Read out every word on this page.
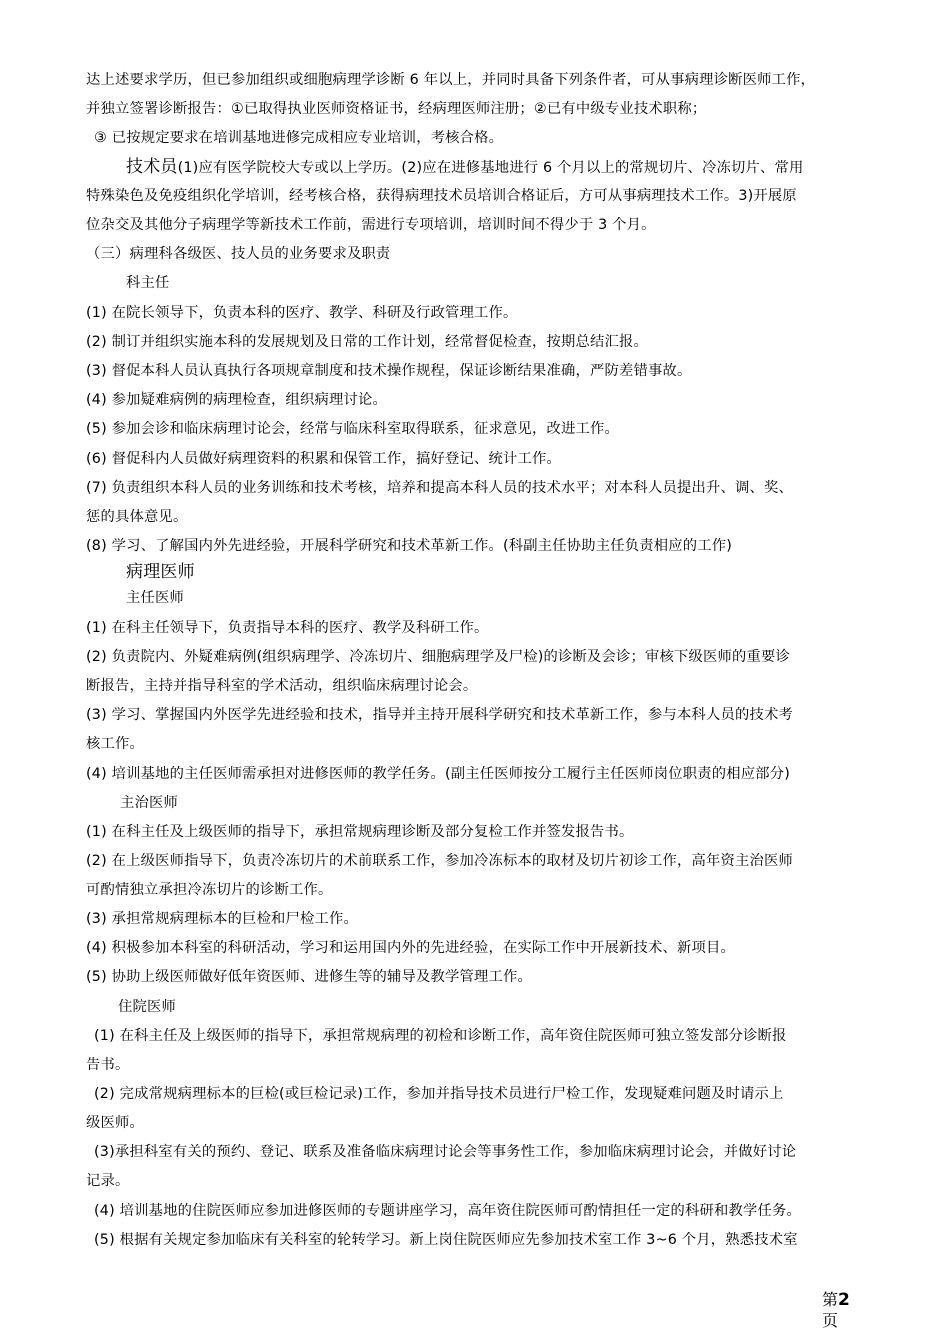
达上述要求学历，但已参加组织或细胞病理学诊断 6 年以上，并同时具备下列条件者，可从事病理诊断医师工作，
并独立签署诊断报告：①已取得执业医师资格证书，经病理医师注册；②已有中级专业技术职称；
③ 已按规定要求在培训基地进修完成相应专业培训，考核合格。
技术员(1)应有医学院校大专或以上学历。(2)应在进修基地进行 6 个月以上的常规切片、冷冻切片、常用
特殊染色及免疫组织化学培训，经考核合格，获得病理技术员培训合格证后，方可从事病理技术工作。3)开展原
位杂交及其他分子病理学等新技术工作前，需进行专项培训，培训时间不得少于 3 个月。
（三）病理科各级医、技人员的业务要求及职责
科主任
(1) 在院长领导下，负责本科的医疗、教学、科研及行政管理工作。
(2) 制订并组织实施本科的发展规划及日常的工作计划，经常督促检查，按期总结汇报。
(3) 督促本科人员认真执行各项规章制度和技术操作规程，保证诊断结果准确，严防差错事故。
(4) 参加疑难病例的病理检查，组织病理讨论。
(5) 参加会诊和临床病理讨论会，经常与临床科室取得联系，征求意见，改进工作。
(6) 督促科内人员做好病理资料的积累和保管工作，搞好登记、统计工作。
(7) 负责组织本科人员的业务训练和技术考核，培养和提高本科人员的技术水平；对本科人员提出升、调、奖、
惩的具体意见。
(8) 学习、了解国内外先进经验，开展科学研究和技术革新工作。(科副主任协助主任负责相应的工作)
病理医师
主任医师
(1) 在科主任领导下，负责指导本科的医疗、教学及科研工作。
(2) 负责院内、外疑难病例(组织病理学、冷冻切片、细胞病理学及尸检)的诊断及会诊；审核下级医师的重要诊
断报告，主持并指导科室的学术活动，组织临床病理讨论会。
(3) 学习、掌握国内外医学先进经验和技术，指导并主持开展科学研究和技术革新工作，参与本科人员的技术考
核工作。
(4) 培训基地的主任医师需承担对进修医师的教学任务。(副主任医师按分工履行主任医师岗位职责的相应部分)
主治医师
(1) 在科主任及上级医师的指导下，承担常规病理诊断及部分复检工作并签发报告书。
(2) 在上级医师指导下，负责冷冻切片的术前联系工作，参加冷冻标本的取材及切片初诊工作，高年资主治医师
可酌情独立承担冷冻切片的诊断工作。
(3) 承担常规病理标本的巨检和尸检工作。
(4) 积极参加本科室的科研活动，学习和运用国内外的先进经验，在实际工作中开展新技术、新项目。
(5) 协助上级医师做好低年资医师、进修生等的辅导及教学管理工作。
住院医师
(1) 在科主任及上级医师的指导下，承担常规病理的初检和诊断工作，高年资住院医师可独立签发部分诊断报
告书。
(2) 完成常规病理标本的巨检(或巨检记录)工作，参加并指导技术员进行尸检工作，发现疑难问题及时请示上
级医师。
(3)承担科室有关的预约、登记、联系及准备临床病理讨论会等事务性工作，参加临床病理讨论会，并做好讨论
记录。
(4) 培训基地的住院医师应参加进修医师的专题讲座学习，高年资住院医师可酌情担任一定的科研和教学任务。
(5) 根据有关规定参加临床有关科室的轮转学习。新上岗住院医师应先参加技术室工作 3~6 个月，熟悉技术室
第2
页
